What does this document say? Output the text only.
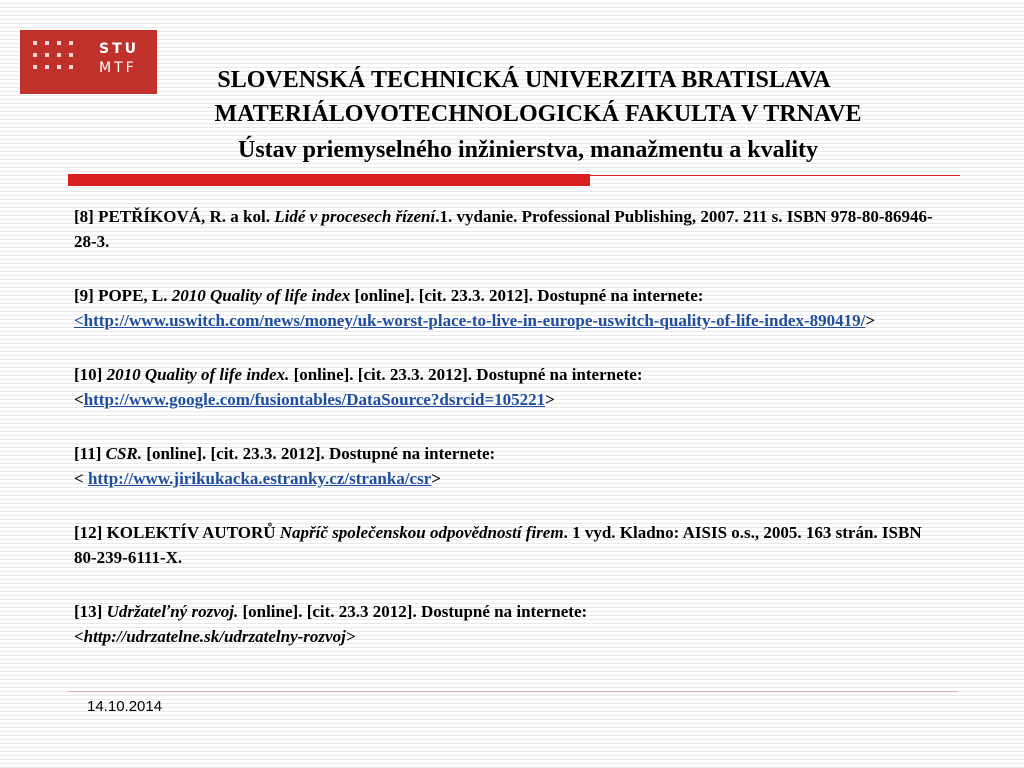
STU
MTF	SLOVENSKÁ TECHNICKÁ UNIVERZITA BRATISLAVA
MATERIÁLOVOTECHNOLOGICKÁ FAKULTA V TRNAVE
Ústav priemyselného inžinierstva, manažmentu a kvality

[8] PETŘÍKOVÁ, R. a kol. Lidé v procesech řízení.1. vydanie. Professional Publishing, 2007. 211 s. ISBN 978-80-86946-28-3.

[9] POPE, L. 2010 Quality of life index [online]. [cit. 23.3. 2012]. Dostupné na internete: <http://www.uswitch.com/news/money/uk-worst-place-to-live-in-europe-uswitch-quality-of-life-index-890419/>

[10] 2010 Quality of life index. [online]. [cit. 23.3. 2012]. Dostupné na internete: <http://www.google.com/fusiontables/DataSource?dsrcid=105221>

[11] CSR. [online]. [cit. 23.3. 2012]. Dostupné na internete:
< http://www.jirikukacka.estranky.cz/stranka/csr>

[12] KOLEKTÍV AUTORŮ Napříč společenskou odpovědností firem. 1 vyd. Kladno: AISIS o.s., 2005. 163 strán. ISBN 80-239-6111-X.

[13] Udržateľný rozvoj. [online]. [cit. 23.3 2012]. Dostupné na internete:
<http://udrzatelne.sk/udrzatelny-rozvoj>

14.10.2014
